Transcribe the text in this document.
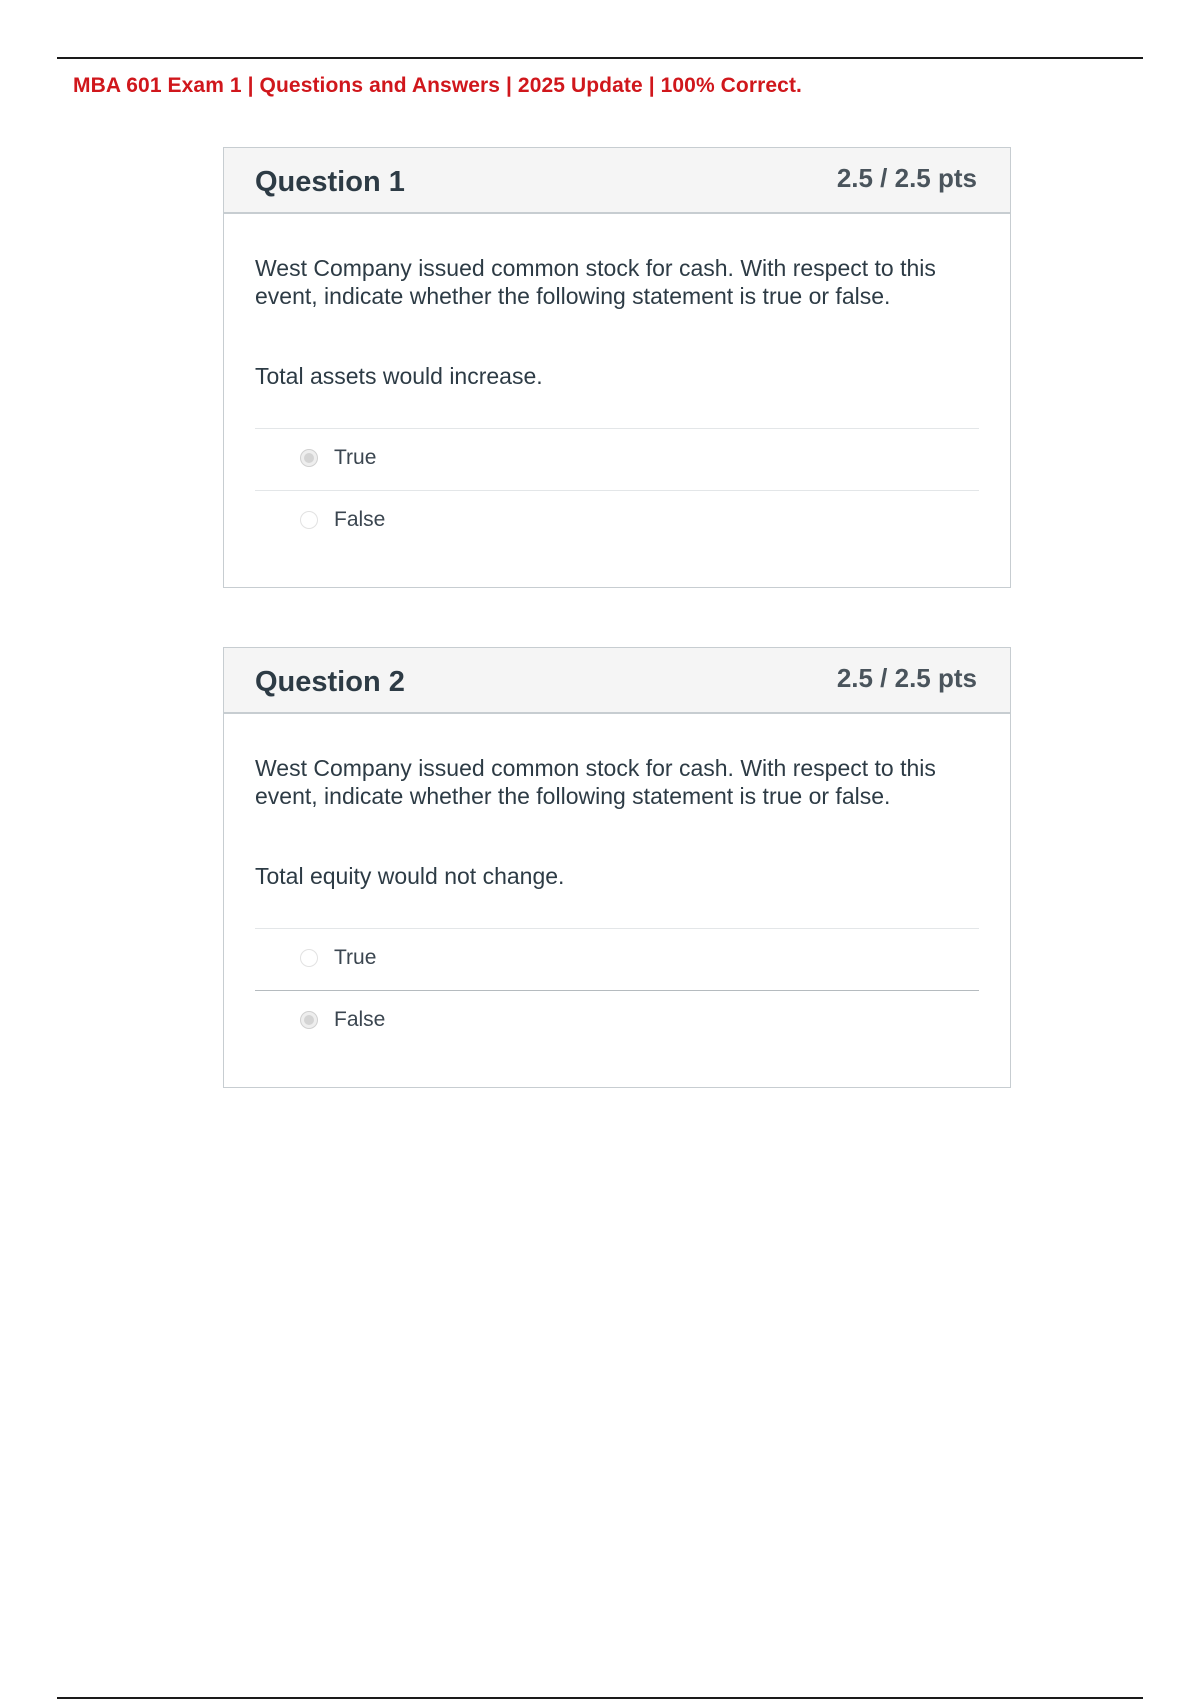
MBA 601 Exam 1 | Questions and Answers | 2025 Update | 100% Correct.
Question 1	2.5 / 2.5 pts

West Company issued common stock for cash. With respect to this event, indicate whether the following statement is true or false.

Total assets would increase.

True
False
Question 2	2.5 / 2.5 pts

West Company issued common stock for cash. With respect to this event, indicate whether the following statement is true or false.

Total equity would not change.

True
False
